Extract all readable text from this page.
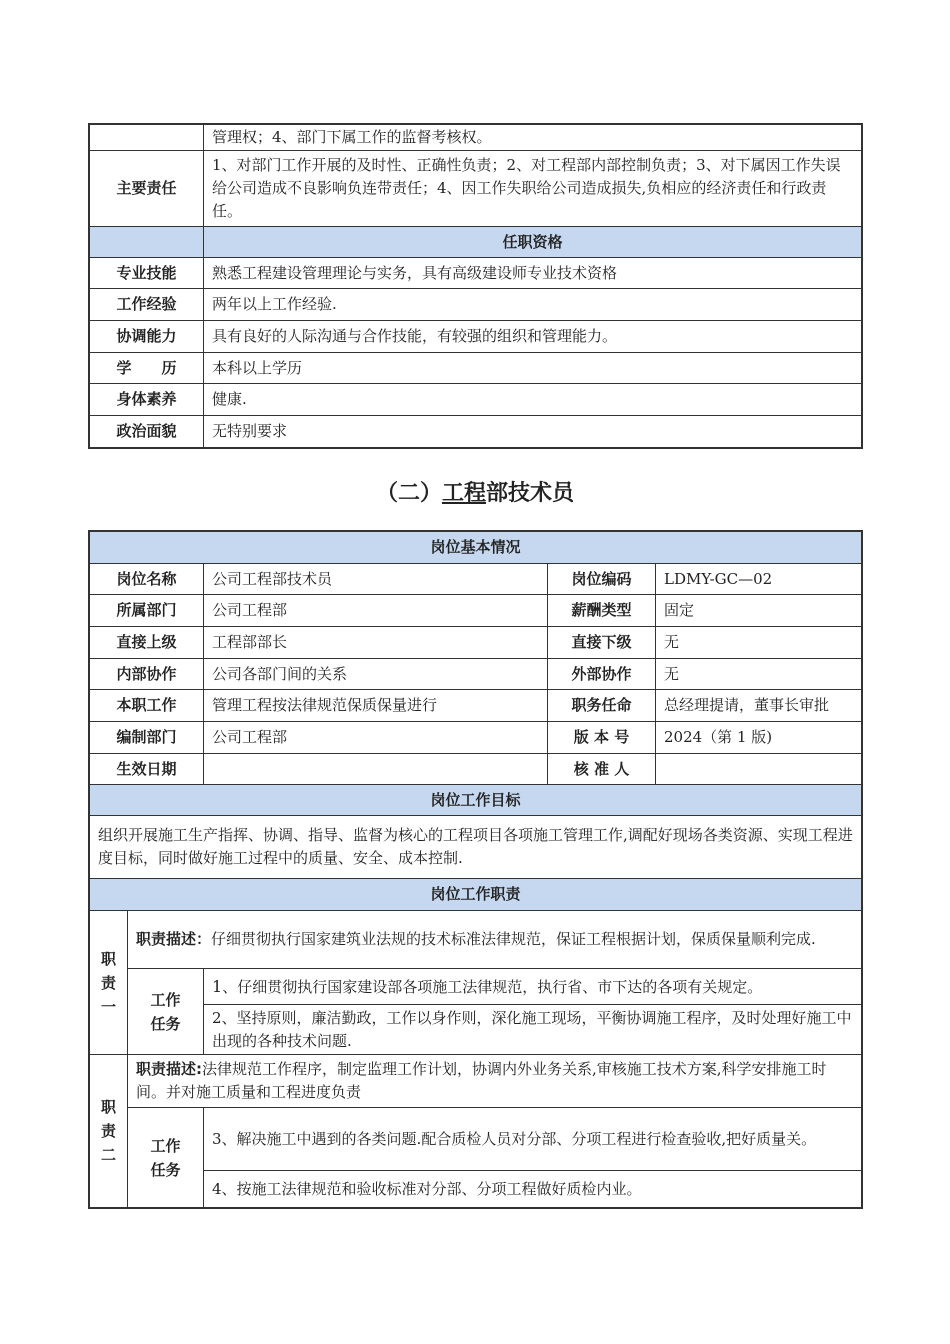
	管理权；4、部门下属工作的监督考核权。
主要责任	1、对部门工作开展的及时性、正确性负责；2、对工程部内部控制负责；3、对下属因工作失误给公司造成不良影响负连带责任；4、因工作失职给公司造成损失,负相应的经济责任和行政责任。
	任职资格
专业技能	熟悉工程建设管理理论与实务，具有高级建设师专业技术资格
工作经验	两年以上工作经验.
协调能力	具有良好的人际沟通与合作技能，有较强的组织和管理能力。
学　　历	本科以上学历
身体素养	健康.
政治面貌	无特别要求
（二）工程部技术员
岗位基本情况				
岗位名称		公司工程部技术员	岗位编码	LDMY-GC—02
所属部门		公司工程部	薪酬类型	固定
直接上级		工程部部长	直接下级	无
内部协作		公司各部门间的关系	外部协作	无
本职工作		管理工程按法律规范保质保量进行	职务任命	总经理提请，董事长审批
编制部门		公司工程部	版 本 号	2024（第 1 版)
生效日期			核 准 人	
岗位工作目标				
组织开展施工生产指挥、协调、指导、监督为核心的工程项目各项施工管理工作,调配好现场各类资源、实现工程进度目标，同时做好施工过程中的质量、安全、成本控制.				
岗位工作职责				
职
责
一	职责描述：仔细贯彻执行国家建筑业法规的技术标准法律规范，保证工程根据计划，保质保量顺利完成.			
	工作
任务	1、仔细贯彻执行国家建设部各项施工法律规范，执行省、市下达的各项有关规定。		
		2、坚持原则，廉洁勤政，工作以身作则，深化施工现场，平衡协调施工程序，及时处理好施工中出现的各种技术问题.		
职
责
二	职责描述:法律规范工作程序，制定监理工作计划，协调内外业务关系,审核施工技术方案,科学安排施工时间。并对施工质量和工程进度负责			
	工作
任务	3、解决施工中遇到的各类问题.配合质检人员对分部、分项工程进行检查验收,把好质量关。		
		4、按施工法律规范和验收标准对分部、分项工程做好质检内业。		
